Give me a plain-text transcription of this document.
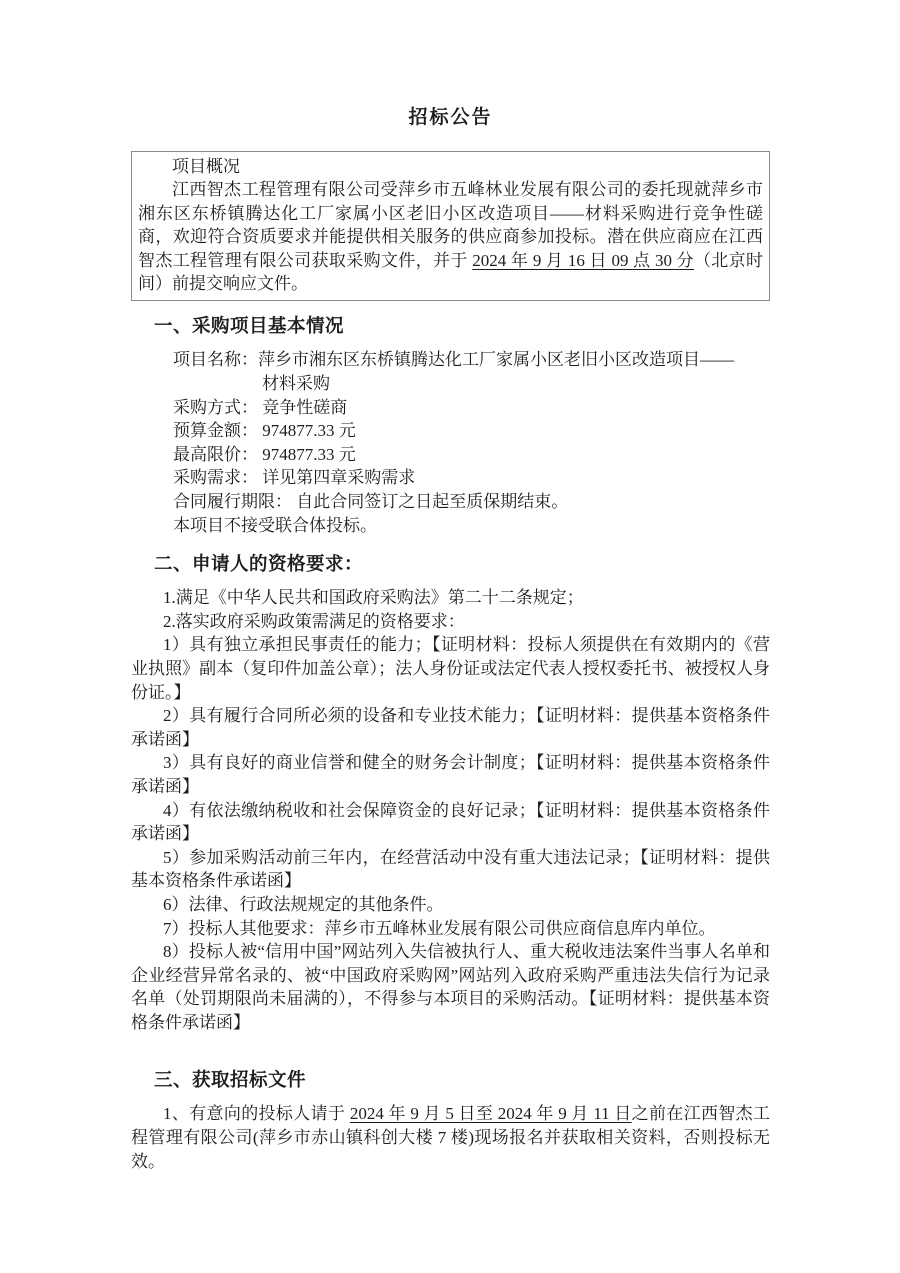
招标公告

项目概况

江西智杰工程管理有限公司受萍乡市五峰林业发展有限公司的委托现就萍乡市湘东区东桥镇腾达化工厂家属小区老旧小区改造项目——材料采购进行竞争性磋商，欢迎符合资质要求并能提供相关服务的供应商参加投标。潜在供应商应在江西智杰工程管理有限公司获取采购文件，并于 2024 年 9 月 16 日 09 点 30 分（北京时间）前提交响应文件。

一、采购项目基本情况
项目名称：萍乡市湘东区东桥镇腾达化工厂家属小区老旧小区改造项目——
材料采购
采购方式： 竞争性磋商
预算金额： 974877.33 元
最高限价： 974877.33 元
采购需求： 详见第四章采购需求
合同履行期限： 自此合同签订之日起至质保期结束。
本项目不接受联合体投标。
二、申请人的资格要求：

1.满足《中华人民共和国政府采购法》第二十二条规定；

2.落实政府采购政策需满足的资格要求：

1）具有独立承担民事责任的能力；【证明材料：投标人须提供在有效期内的《营业执照》副本（复印件加盖公章）；法人身份证或法定代表人授权委托书、被授权人身份证。】

2）具有履行合同所必须的设备和专业技术能力；【证明材料：提供基本资格条件承诺函】

3）具有良好的商业信誉和健全的财务会计制度；【证明材料：提供基本资格条件承诺函】

4）有依法缴纳税收和社会保障资金的良好记录；【证明材料：提供基本资格条件承诺函】

5）参加采购活动前三年内，在经营活动中没有重大违法记录；【证明材料：提供基本资格条件承诺函】

6）法律、行政法规规定的其他条件。

7）投标人其他要求：萍乡市五峰林业发展有限公司供应商信息库内单位。

8）投标人被“信用中国”网站列入失信被执行人、重大税收违法案件当事人名单和企业经营异常名录的、被“中国政府采购网”网站列入政府采购严重违法失信行为记录名单（处罚期限尚未届满的），不得参与本项目的采购活动。【证明材料：提供基本资格条件承诺函】

三、获取招标文件

1、有意向的投标人请于 2024 年 9 月 5 日至 2024 年 9 月 11 日之前在江西智杰工程管理有限公司(萍乡市赤山镇科创大楼 7 楼)现场报名并获取相关资料，否则投标无效。
